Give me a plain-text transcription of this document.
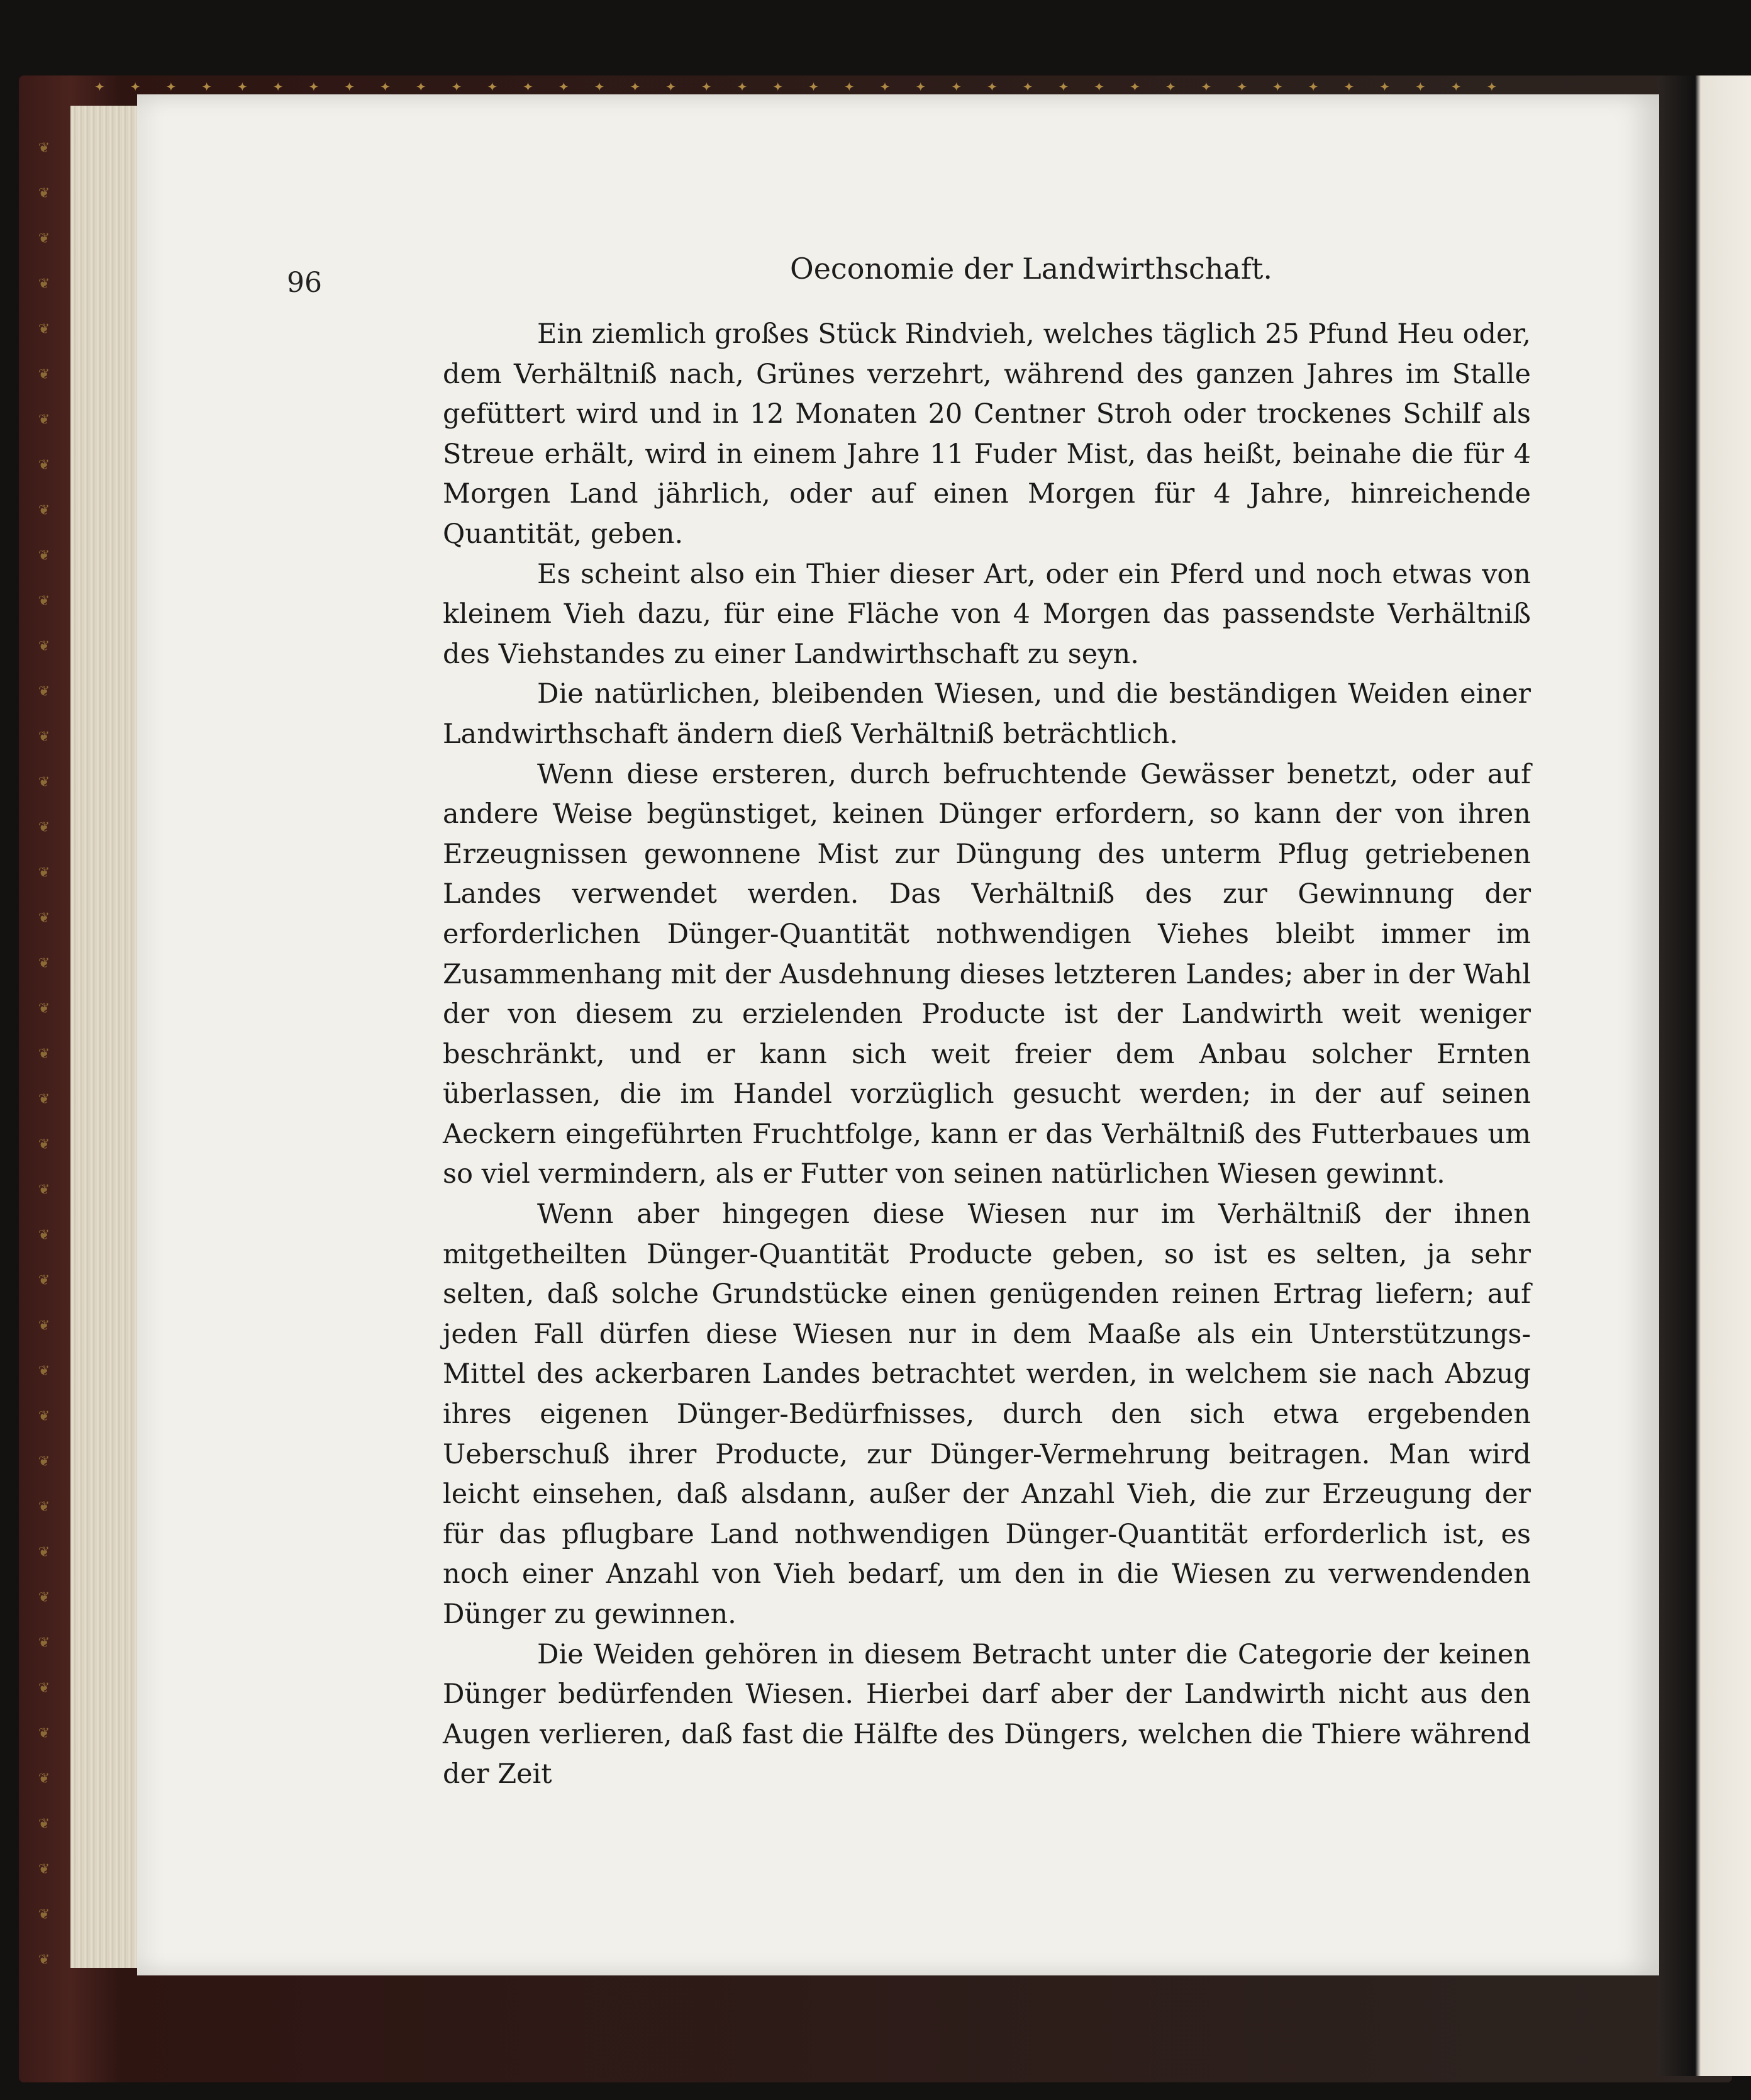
✦✦✦✦✦✦✦✦✦✦✦✦✦✦✦✦✦✦✦✦✦✦✦✦✦✦✦✦✦✦✦✦✦✦✦✦✦✦✦✦
❦
❦
❦
❦
❦
❦
❦
❦
❦
❦
❦
❦
❦
❦
❦
❦
❦
❦
❦
❦
❦
❦
❦
❦
❦
❦
❦
❦
❦
❦
❦
❦
❦
❦
❦
❦
❦
❦
❦
❦
❦
96	Oeconomie der Landwirthschaft.

Ein ziemlich großes Stück Rindvieh, welches täglich 25 Pfund Heu oder, dem Verhältniß nach, Grünes verzehrt, während des ganzen Jahres im Stalle gefüttert wird und in 12 Monaten 20 Centner Stroh oder trockenes Schilf als Streue erhält, wird in einem Jahre 11 Fuder Mist, das heißt, beinahe die für 4 Morgen Land jährlich, oder auf einen Morgen für 4 Jahre, hinreichende Quantität, geben.

Es scheint also ein Thier dieser Art, oder ein Pferd und noch etwas von kleinem Vieh dazu, für eine Fläche von 4 Morgen das passendste Verhältniß des Viehstandes zu einer Landwirthschaft zu seyn.

Die natürlichen, bleibenden Wiesen, und die beständigen Weiden einer Landwirthschaft ändern dieß Verhältniß beträchtlich.

Wenn diese ersteren, durch befruchtende Gewässer benetzt, oder auf andere Weise begünstiget, keinen Dünger erfordern, so kann der von ihren Erzeugnissen gewonnene Mist zur Düngung des unterm Pflug getriebenen Landes verwendet werden. Das Verhältniß des zur Gewinnung der erforderlichen Dünger-Quantität nothwendigen Viehes bleibt immer im Zusammenhang mit der Ausdehnung dieses letzteren Landes; aber in der Wahl der von diesem zu erzielenden Producte ist der Landwirth weit weniger beschränkt, und er kann sich weit freier dem Anbau solcher Ernten überlassen, die im Handel vorzüglich gesucht werden; in der auf seinen Aeckern eingeführten Fruchtfolge, kann er das Verhältniß des Futterbaues um so viel vermindern, als er Futter von seinen natürlichen Wiesen gewinnt.

Wenn aber hingegen diese Wiesen nur im Verhältniß der ihnen mitgetheilten Dünger-Quantität Producte geben, so ist es selten, ja sehr selten, daß solche Grundstücke einen genügenden reinen Ertrag liefern; auf jeden Fall dürfen diese Wiesen nur in dem Maaße als ein Unterstützungs-Mittel des ackerbaren Landes betrachtet werden, in welchem sie nach Abzug ihres eigenen Dünger-Bedürfnisses, durch den sich etwa ergebenden Ueberschuß ihrer Producte, zur Dünger-Vermehrung beitragen. Man wird leicht einsehen, daß alsdann, außer der Anzahl Vieh, die zur Erzeugung der für das pflugbare Land nothwendigen Dünger-Quantität erforderlich ist, es noch einer Anzahl von Vieh bedarf, um den in die Wiesen zu verwendenden Dünger zu gewinnen.

Die Weiden gehören in diesem Betracht unter die Categorie der keinen Dünger bedürfenden Wiesen. Hierbei darf aber der Landwirth nicht aus den Augen verlieren, daß fast die Hälfte des Düngers, welchen die Thiere während der Zeit
